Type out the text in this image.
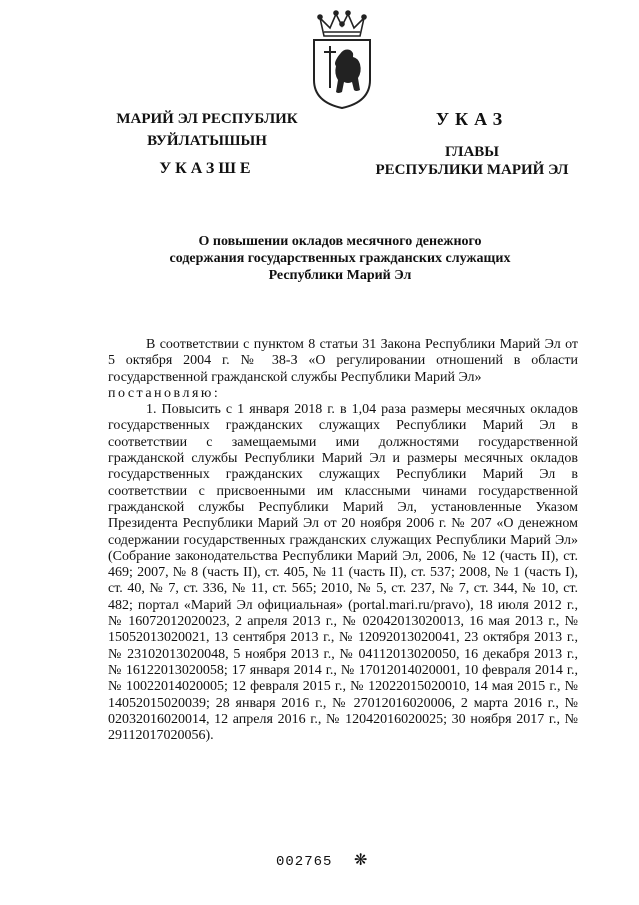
МАРИЙ ЭЛ РЕСПУБЛИК
ВУЙЛАТЫШЫН
УКАЗШЕ
УКАЗ
ГЛАВЫ
РЕСПУБЛИКИ МАРИЙ ЭЛ
О повышении окладов месячного денежного
содержания государственных гражданских служащих
Республики Марий Эл

В соответствии с пунктом 8 статьи 31 Закона Республики Марий Эл от 5 октября 2004 г. № 38-З «О регулировании отношений в области государственной гражданской службы Республики Марий Эл»

постановляю:

1. Повысить с 1 января 2018 г. в 1,04 раза размеры месячных окладов государственных гражданских служащих Республики Марий Эл в соответствии с замещаемыми ими должностями государственной гражданской службы Республики Марий Эл и размеры месячных окладов государственных гражданских служащих Республики Марий Эл в соответствии с присвоенными им классными чинами государственной гражданской службы Республики Марий Эл, установленные Указом Президента Республики Марий Эл от 20 ноября 2006 г. № 207 «О денежном содержании государственных гражданских служащих Республики Марий Эл» (Собрание законодательства Республики Марий Эл, 2006, № 12 (часть II), ст. 469; 2007, № 8 (часть II), ст. 405, № 11 (часть II), ст. 537; 2008, № 1 (часть I), ст. 40, № 7, ст. 336, № 11, ст. 565; 2010, № 5, ст. 237, № 7, ст. 344, № 10, ст. 482; портал «Марий Эл официальная» (portal.mari.ru/pravo), 18 июля 2012 г., № 16072012020023, 2 апреля 2013 г., № 02042013020013, 16 мая 2013 г., № 15052013020021, 13 сентября 2013 г., № 12092013020041, 23 октября 2013 г., № 23102013020048, 5 ноября 2013 г., № 04112013020050, 16 декабря 2013 г., № 16122013020058; 17 января 2014 г., № 17012014020001, 10 февраля 2014 г., № 10022014020005; 12 февраля 2015 г., № 12022015020010, 14 мая 2015 г., № 14052015020039; 28 января 2016 г., № 27012016020006, 2 марта 2016 г., № 02032016020014, 12 апреля 2016 г., № 12042016020025; 30 ноября 2017 г., № 29112017020056).

002765 ❋
